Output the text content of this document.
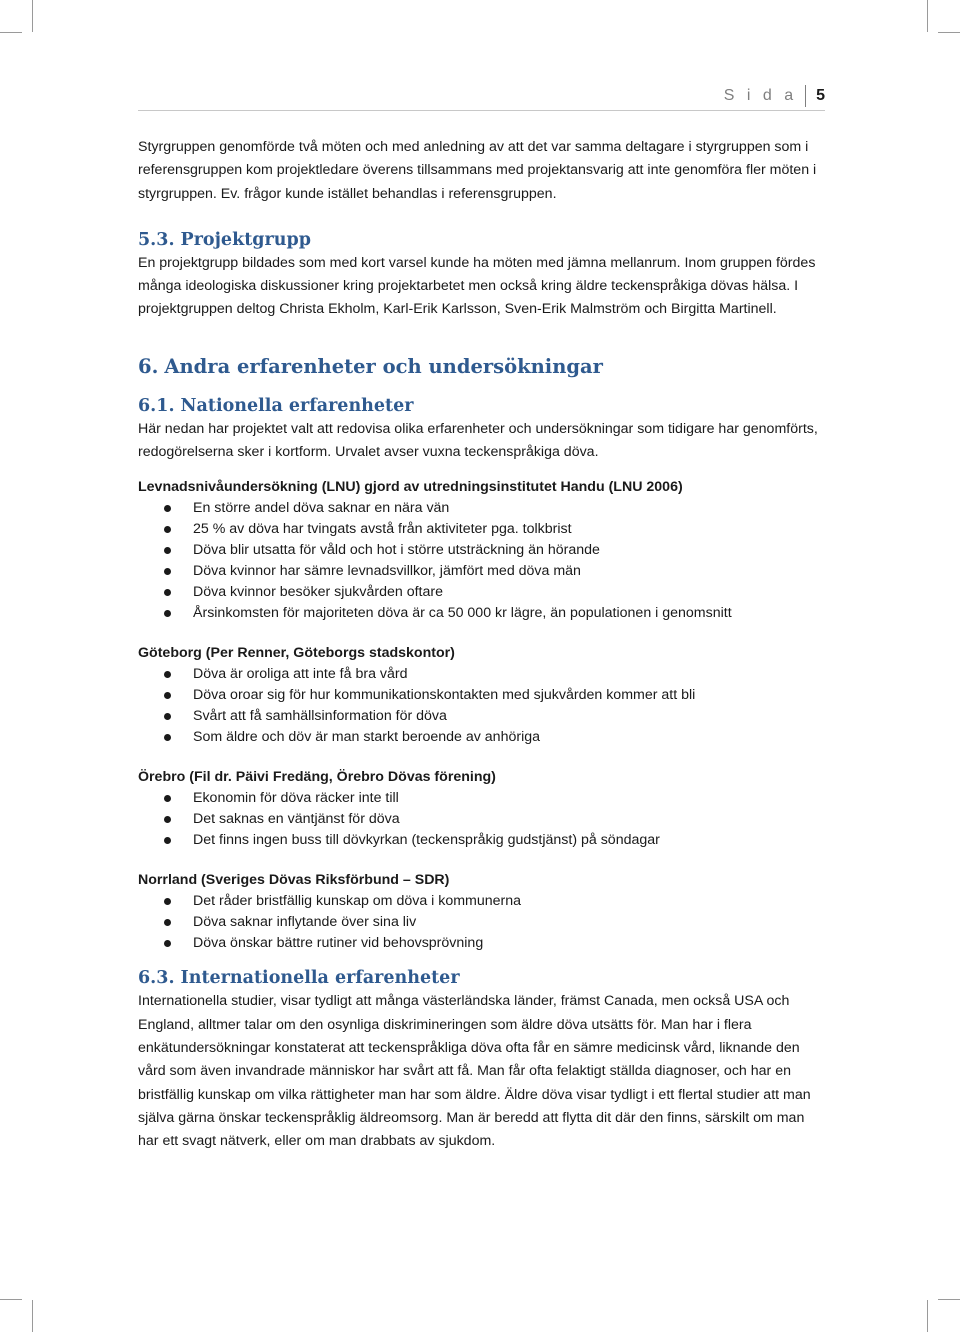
S i d a 5

Styrgruppen genomförde två möten och med anledning av att det var samma deltagare i styrgruppen som i referensgruppen kom projektledare överens tillsammans med projektansvarig att inte genomföra fler möten i styrgruppen. Ev. frågor kunde istället behandlas i referensgruppen.

5.3. Projektgrupp

En projektgrupp bildades som med kort varsel kunde ha möten med jämna mellanrum. Inom gruppen fördes många ideologiska diskussioner kring projektarbetet men också kring äldre teckenspråkiga dövas hälsa. I projektgruppen deltog Christa Ekholm, Karl-Erik Karlsson, Sven-Erik Malmström och Birgitta Martinell.

6. Andra erfarenheter och undersökningar
6.1. Nationella erfarenheter

Här nedan har projektet valt att redovisa olika erfarenheter och undersökningar som tidigare har genomförts, redogörelserna sker i kortform. Urvalet avser vuxna teckenspråkiga döva.

Levnadsnivåundersökning (LNU) gjord av utredningsinstitutet Handu (LNU 2006)
En större andel döva saknar en nära vän
25 % av döva har tvingats avstå från aktiviteter pga. tolkbrist
Döva blir utsatta för våld och hot i större utsträckning än hörande
Döva kvinnor har sämre levnadsvillkor, jämfört med döva män
Döva kvinnor besöker sjukvården oftare
Årsinkomsten för majoriteten döva är ca 50 000 kr lägre, än populationen i genomsnitt
Göteborg (Per Renner, Göteborgs stadskontor)
Döva är oroliga att inte få bra vård
Döva oroar sig för hur kommunikationskontakten med sjukvården kommer att bli
Svårt att få samhällsinformation för döva
Som äldre och döv är man starkt beroende av anhöriga
Örebro (Fil dr. Päivi Fredäng, Örebro Dövas förening)
Ekonomin för döva räcker inte till
Det saknas en väntjänst för döva
Det finns ingen buss till dövkyrkan (teckenspråkig gudstjänst) på söndagar
Norrland (Sveriges Dövas Riksförbund – SDR)
Det råder bristfällig kunskap om döva i kommunerna
Döva saknar inflytande över sina liv
Döva önskar bättre rutiner vid behovsprövning
6.3. Internationella erfarenheter

Internationella studier, visar tydligt att många västerländska länder, främst Canada, men också USA och England, alltmer talar om den osynliga diskrimineringen som äldre döva utsätts för. Man har i flera enkätundersökningar konstaterat att teckenspråkliga döva ofta får en sämre medicinsk vård, liknande den vård som även invandrade människor har svårt att få. Man får ofta felaktigt ställda diagnoser, och har en bristfällig kunskap om vilka rättigheter man har som äldre. Äldre döva visar tydligt i ett flertal studier att man själva gärna önskar teckenspråklig äldreomsorg. Man är beredd att flytta dit där den finns, särskilt om man har ett svagt nätverk, eller om man drabbats av sjukdom.
